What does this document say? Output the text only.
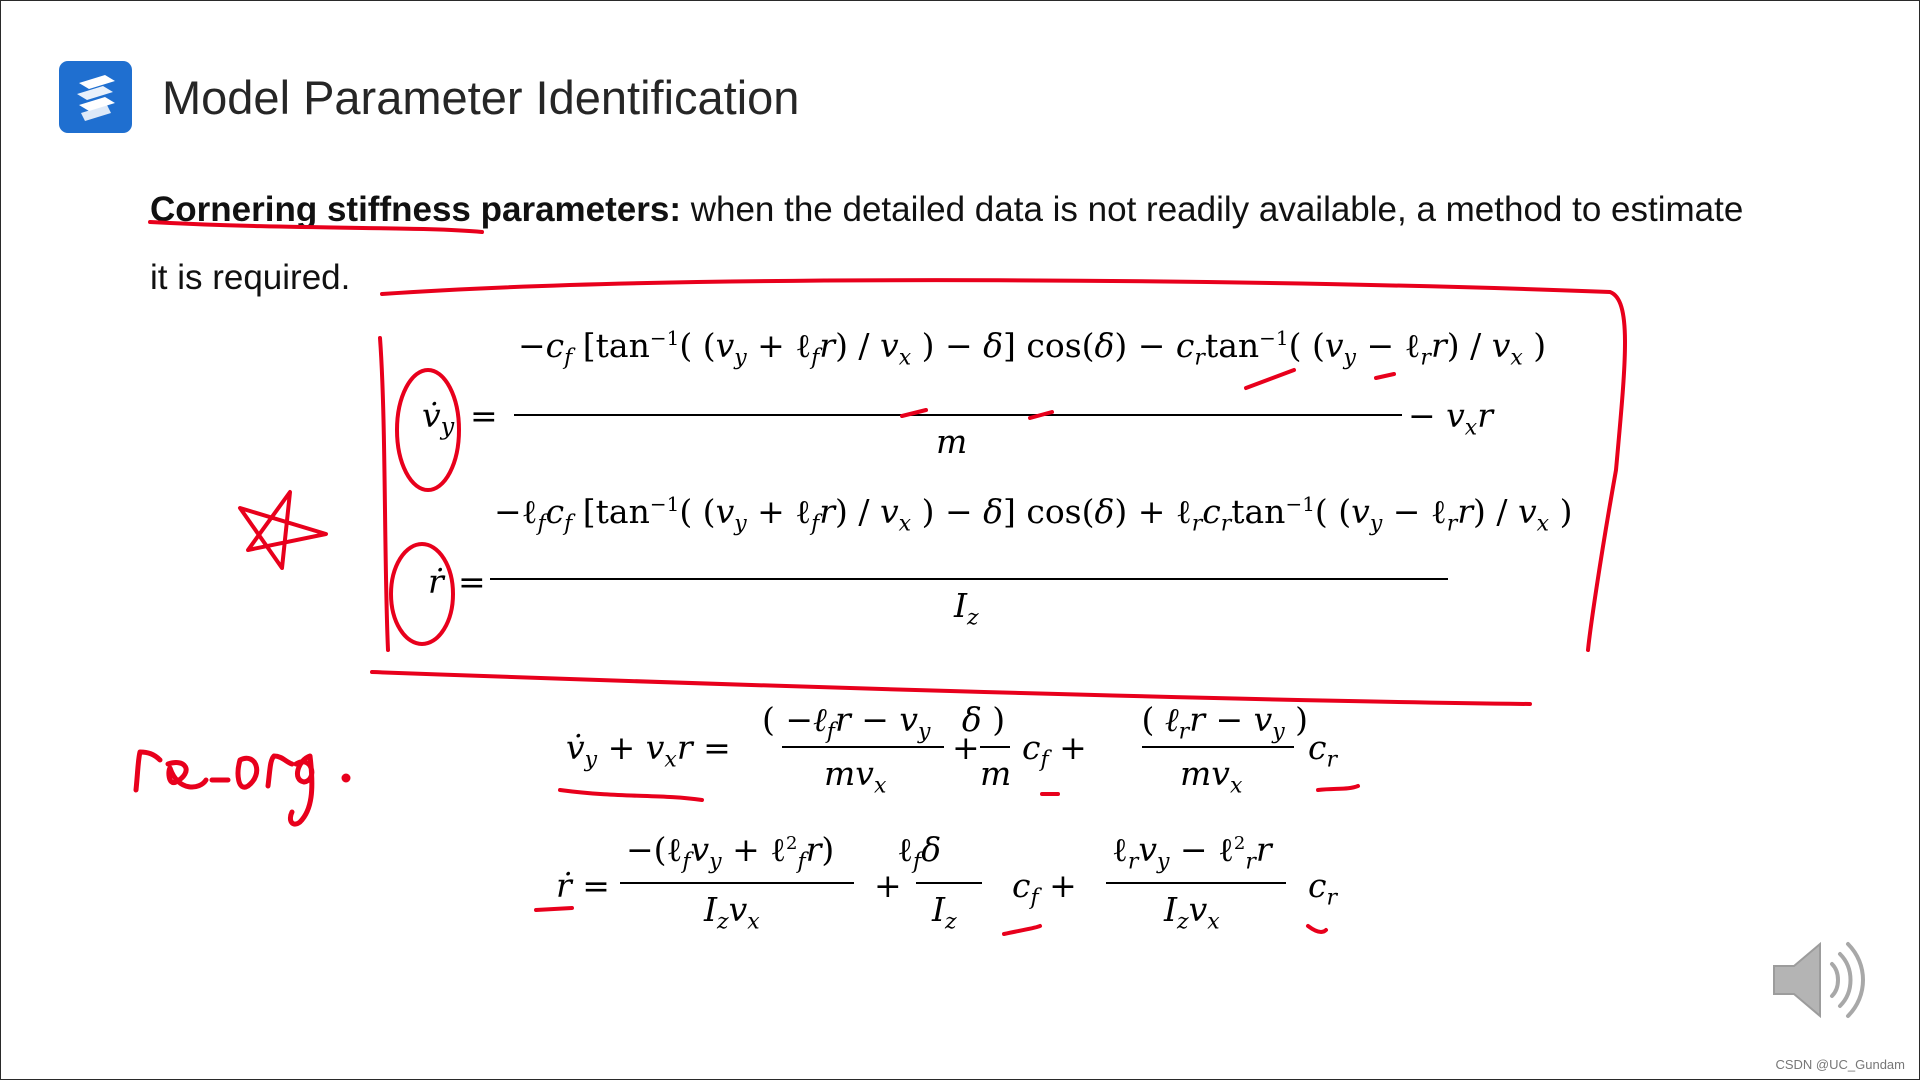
Model Parameter Identification
Cornering stiffness parameters: when the detailed data is not readily available, a method to estimate it is required.
$v̇_y$ =
$-c_f$ [$\tan^{-1}$( ($v_y$ + ℓ$_f$r) / $v_x$ ) − δ] $\cos(\delta) - c_r\tan^{-1}$( ($v_y$ − ℓ$_r$r) / $v_x$ )
m
− $v_xr$
ṙ =
$-\ell_fc_f$ [$\tan^{-1}$( ($v_y$ + ℓ$_f$r) / $v_x$ ) − δ] $\cos(\delta) + \ell_rc_r\tan^{-1}$( ($v_y$ − ℓ$_r$r) / $v_x$ )
$I_z$
$v̇_y + v_xr$ =
( −ℓ$_f$r − $v_y$ δ )             ( ℓ$_r$r − $v_y$ )
$mv_x$
+
m
$c_f$ +
$mv_x$
$c_r$
ṙ =
$-(\ell_fv_y$ + ℓ$^2_f$r)      ℓ$_f$δ
$I_zv_x$
+
$I_z$
$c_f$ +
$\ell_rv_y$ − ℓ$^2_r$r
$I_zv_x$
$c_r$
CSDN @UC_Gundam
